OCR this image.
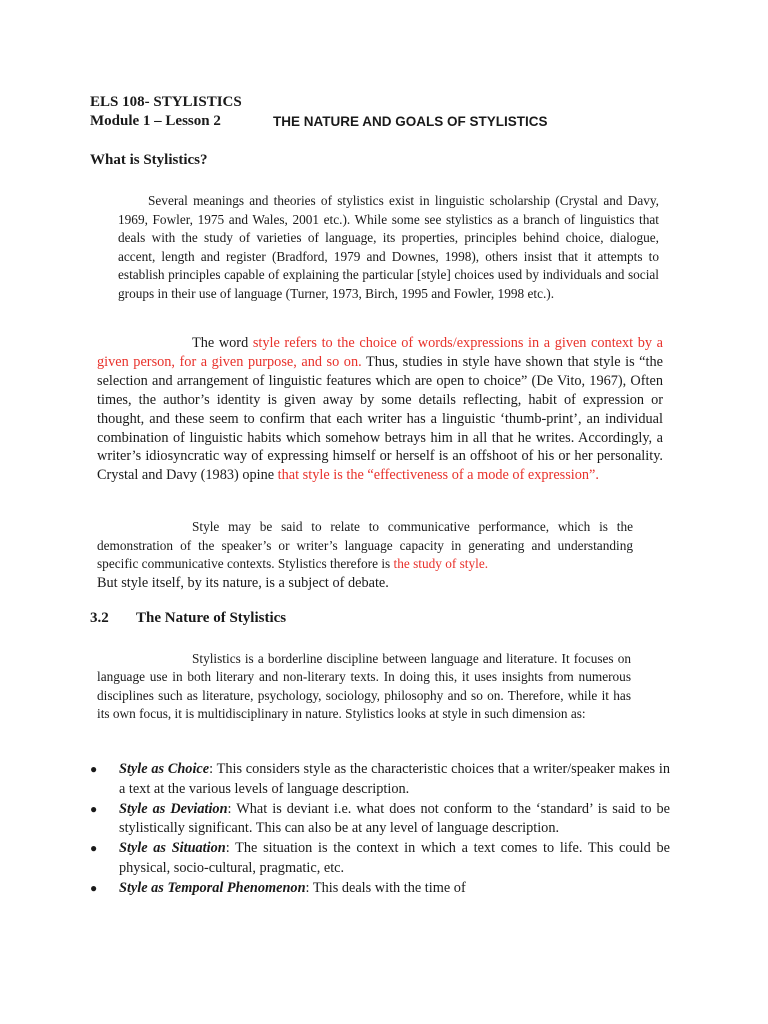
ELS 108- STYLISTICS
Module 1 – Lesson 2	THE NATURE AND GOALS OF STYLISTICS
What is Stylistics?

Several meanings and theories of stylistics exist in linguistic scholarship (Crystal and Davy, 1969, Fowler, 1975 and Wales, 2001 etc.). While some see stylistics as a branch of linguistics that deals with the study of varieties of language, its properties, principles behind choice, dialogue, accent, length and register (Bradford, 1979 and Downes, 1998), others insist that it attempts to establish principles capable of explaining the particular [style] choices used by individuals and social groups in their use of language (Turner, 1973, Birch, 1995 and Fowler, 1998 etc.).

The word style refers to the choice of words/expressions in a given context by a given person, for a given purpose, and so on. Thus, studies in style have shown that style is “the selection and arrangement of linguistic features which are open to choice” (De Vito, 1967), Often times, the author’s identity is given away by some details reflecting, habit of expression or thought, and these seem to confirm that each writer has a linguistic ‘thumb-print’, an individual combination of linguistic habits which somehow betrays him in all that he writes. Accordingly, a writer’s idiosyncratic way of expressing himself or herself is an offshoot of his or her personality. Crystal and Davy (1983) opine that style is the “effectiveness of a mode of expression”.

Style may be said to relate to communicative performance, which is the demonstration of the speaker’s or writer’s language capacity in generating and understanding specific communicative contexts. Stylistics therefore is the study of style.
But style itself, by its nature, is a subject of debate.

3.2 The Nature of Stylistics

Stylistics is a borderline discipline between language and literature. It focuses on language use in both literary and non-literary texts. In doing this, it uses insights from numerous disciplines such as literature, psychology, sociology, philosophy and so on. Therefore, while it has its own focus, it is multidisciplinary in nature. Stylistics looks at style in such dimension as:

● Style as Choice: This considers style as the characteristic choices that a writer/speaker makes in a text at the various levels of language description.
● Style as Deviation: What is deviant i.e. what does not conform to the ‘standard’ is said to be stylistically significant. This can also be at any level of language description.
● Style as Situation: The situation is the context in which a text comes to life. This could be physical, socio-cultural, pragmatic, etc.
● Style as Temporal Phenomenon: This deals with the time of
